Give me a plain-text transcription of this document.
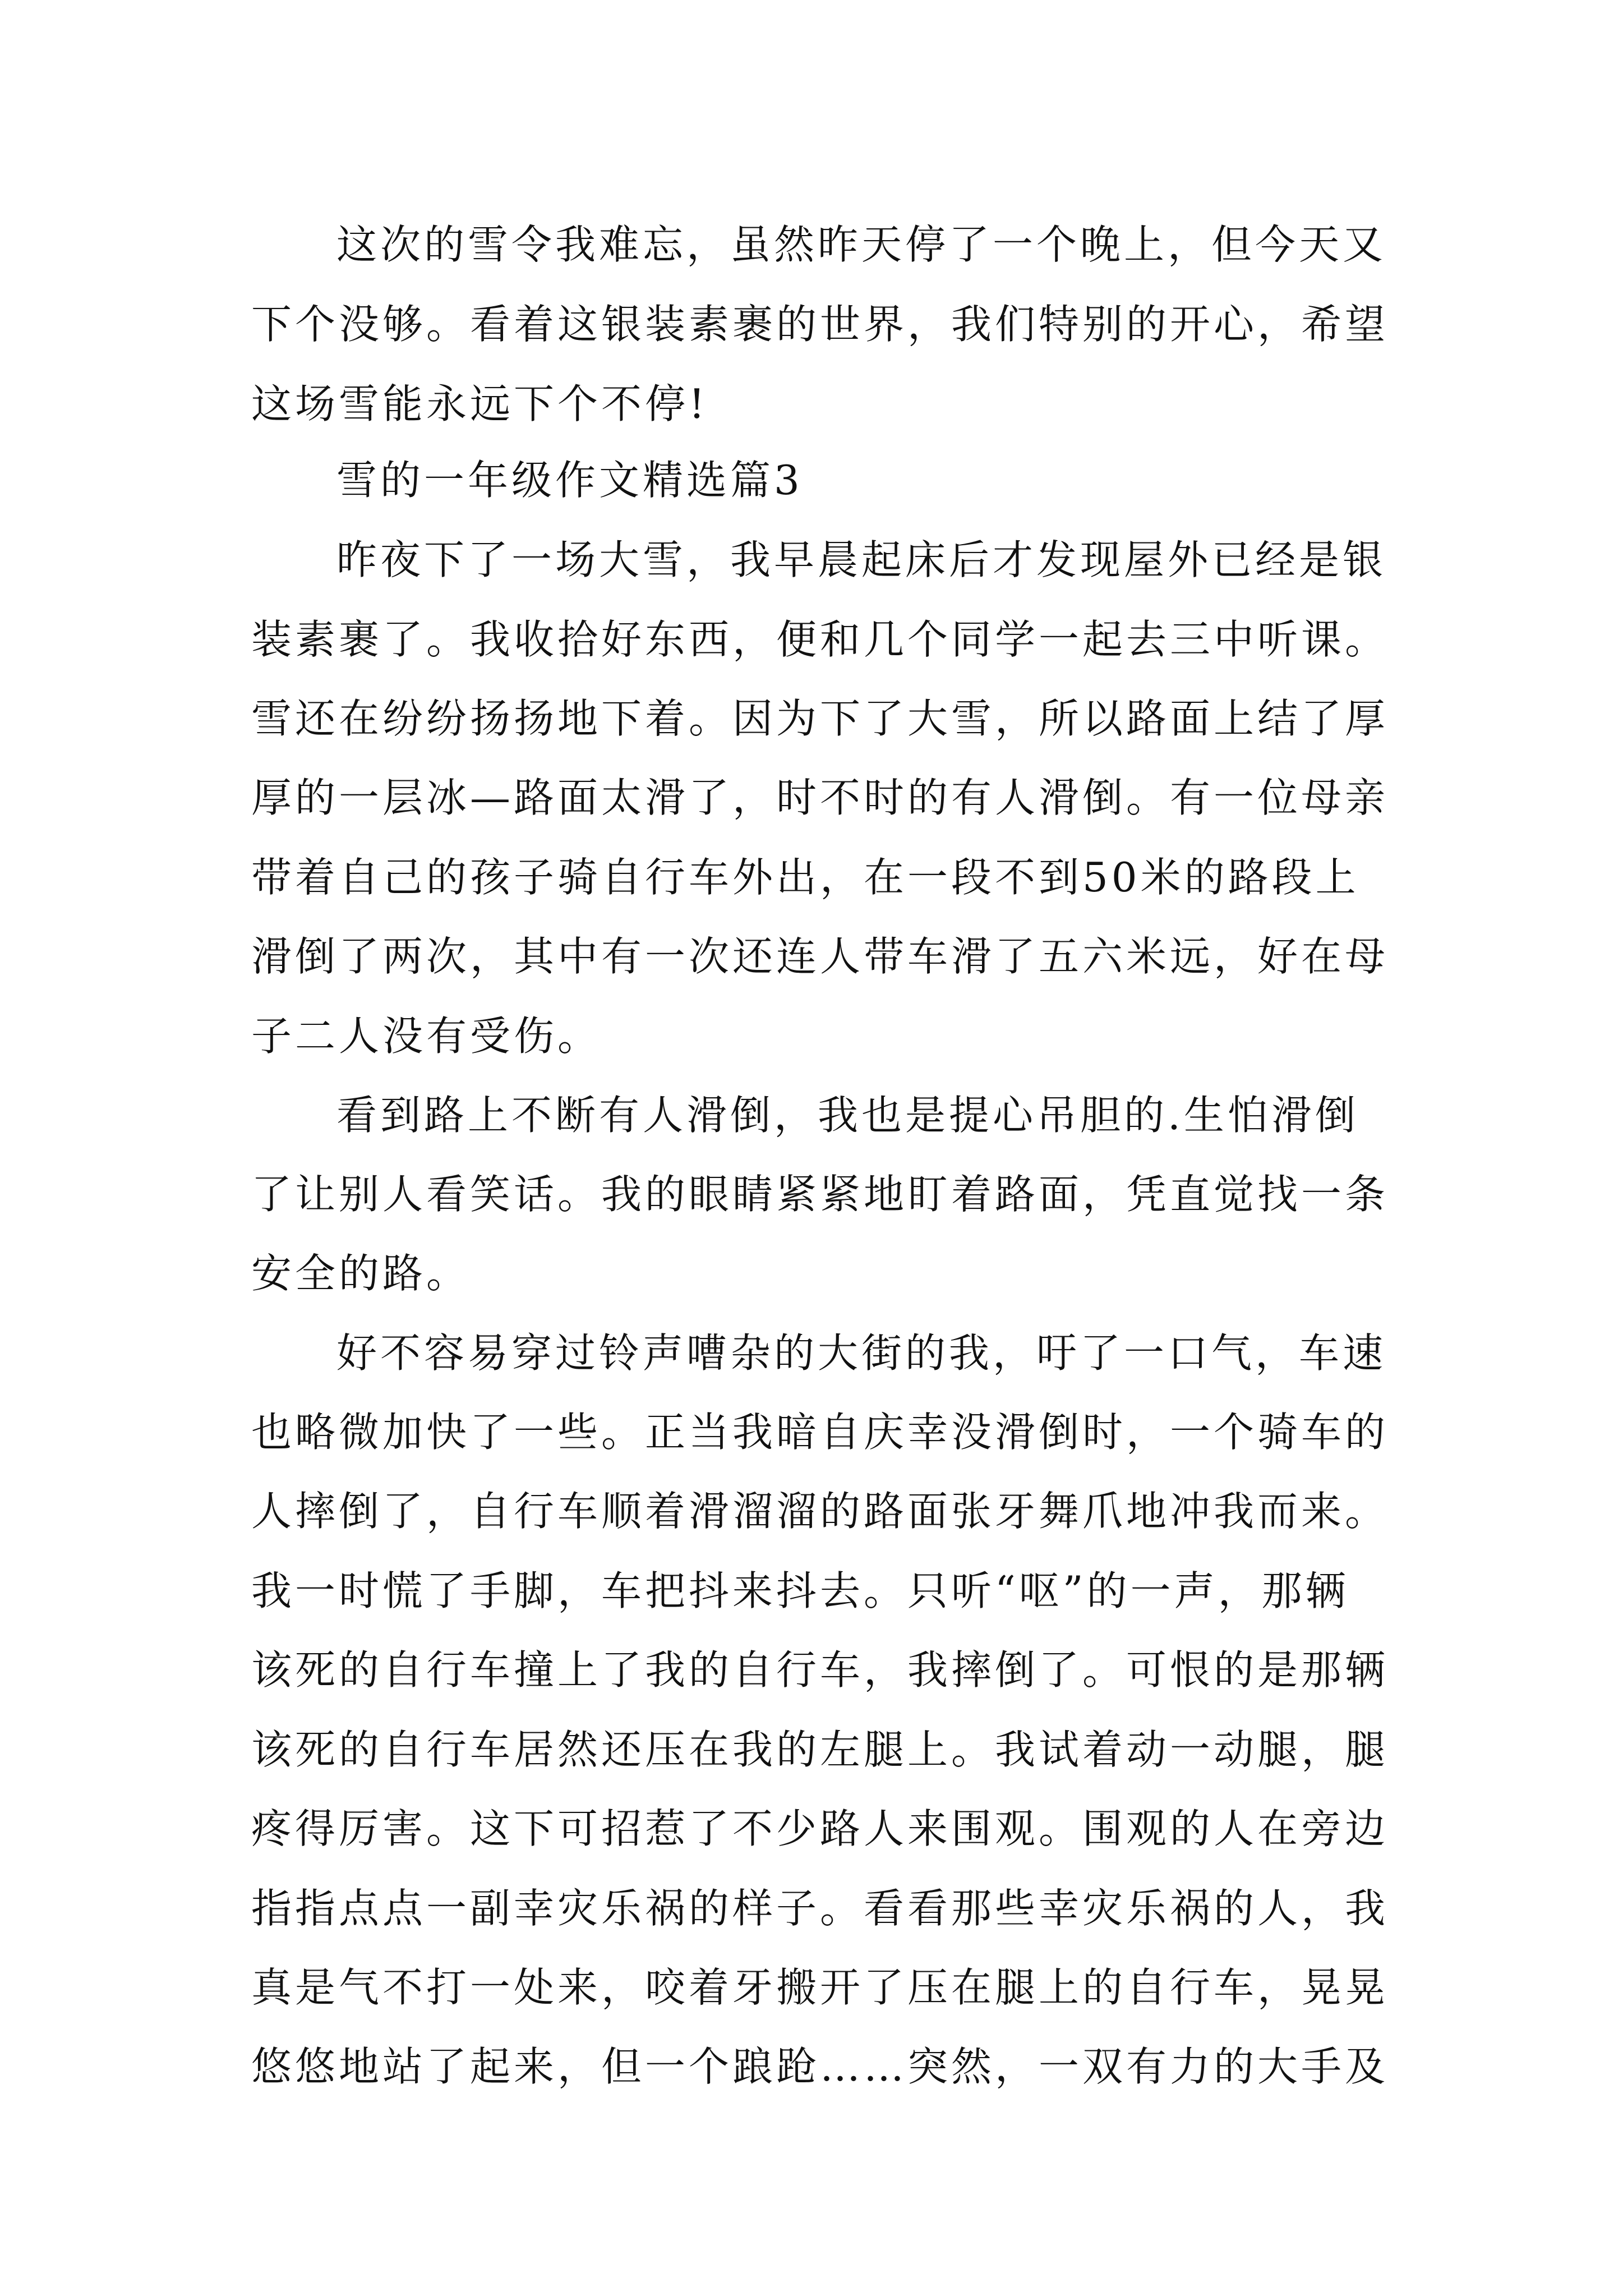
这次的雪令我难忘，虽然昨天停了一个晚上，但今天又
下个没够。看着这银装素裹的世界，我们特别的开心，希望
这场雪能永远下个不停!
雪的一年级作文精选篇3
昨夜下了一场大雪，我早晨起床后才发现屋外已经是银
装素裹了。我收拾好东西，便和几个同学一起去三中听课。
雪还在纷纷扬扬地下着。因为下了大雪，所以路面上结了厚
厚的一层冰—路面太滑了，时不时的有人滑倒。有一位母亲
带着自己的孩子骑自行车外出，在一段不到50米的路段上
滑倒了两次，其中有一次还连人带车滑了五六米远，好在母
子二人没有受伤。
看到路上不断有人滑倒，我也是提心吊胆的.生怕滑倒
了让别人看笑话。我的眼睛紧紧地盯着路面，凭直觉找一条
安全的路。
好不容易穿过铃声嘈杂的大街的我，吁了一口气，车速
也略微加快了一些。正当我暗自庆幸没滑倒时，一个骑车的
人摔倒了，自行车顺着滑溜溜的路面张牙舞爪地冲我而来。
我一时慌了手脚，车把抖来抖去。只听“呕”的一声，那辆
该死的自行车撞上了我的自行车，我摔倒了。可恨的是那辆
该死的自行车居然还压在我的左腿上。我试着动一动腿，腿
疼得厉害。这下可招惹了不少路人来围观。围观的人在旁边
指指点点一副幸灾乐祸的样子。看看那些幸灾乐祸的人，我
真是气不打一处来，咬着牙搬开了压在腿上的自行车，晃晃
悠悠地站了起来，但一个踉跄……突然，一双有力的大手及
